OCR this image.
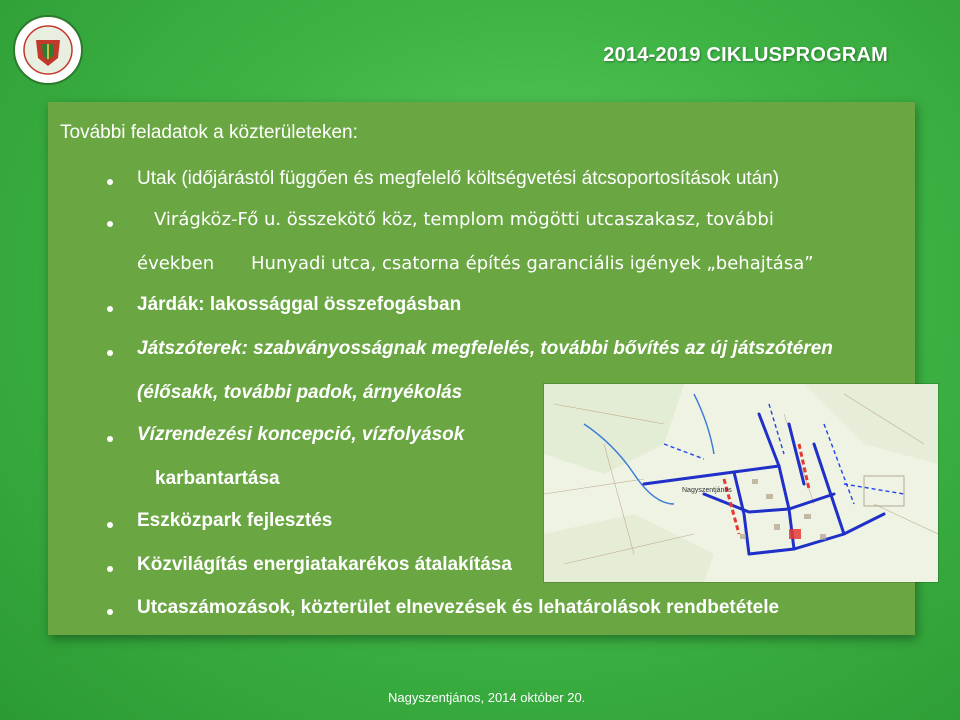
2014-2019 CIKLUSPROGRAM
További feladatok a közterületeken:
Utak (időjárástól függően és megfelelő költségvetési átcsoportosítások után)
Virágköz-Fő u. összekötő köz, templom mögötti utcaszakasz, további
években Hunyadi utca, csatorna építés garanciális igények „behajtása”
Járdák: lakossággal összefogásban
Játszóterek: szabványosságnak megfelelés, további bővítés az új játszótéren
(élősakk, további padok, árnyékolás
Vízrendezési koncepció, vízfolyások
karbantartása
Eszközpark fejlesztés
Közvilágítás energiatakarékos átalakítása
Utcaszámozások, közterület elnevezések és lehatárolások rendbetétele
Nagyszentjános
Nagyszentjános, 2014 október 20.
